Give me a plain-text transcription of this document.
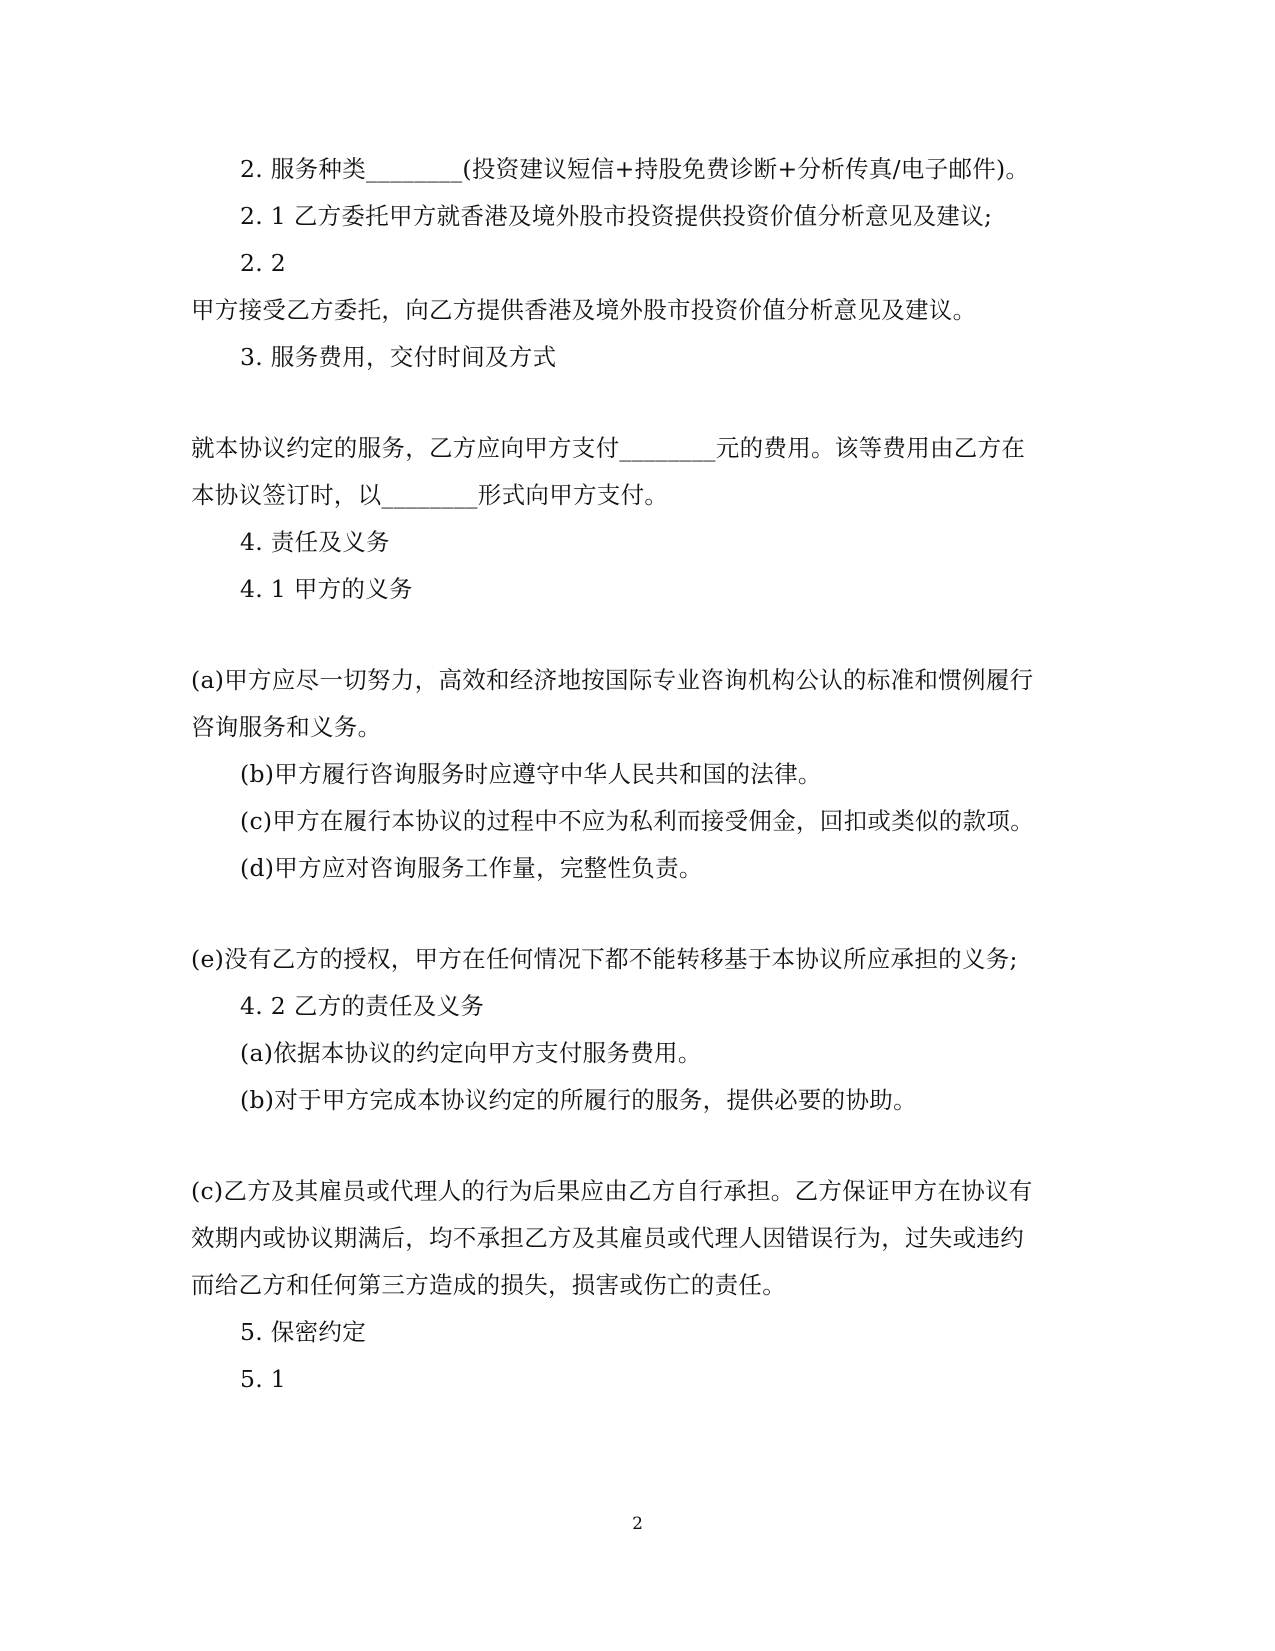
2. 服务种类________(投资建议短信+持股免费诊断+分析传真/电子邮件)。
2. 1 乙方委托甲方就香港及境外股市投资提供投资价值分析意见及建议;
2. 2
甲方接受乙方委托，向乙方提供香港及境外股市投资价值分析意见及建议。
3. 服务费用，交付时间及方式
就本协议约定的服务，乙方应向甲方支付________元的费用。该等费用由乙方在
本协议签订时，以________形式向甲方支付。
4. 责任及义务
4. 1 甲方的义务
(a)甲方应尽一切努力，高效和经济地按国际专业咨询机构公认的标准和惯例履行
咨询服务和义务。
(b)甲方履行咨询服务时应遵守中华人民共和国的法律。
(c)甲方在履行本协议的过程中不应为私利而接受佣金，回扣或类似的款项。
(d)甲方应对咨询服务工作量，完整性负责。
(e)没有乙方的授权，甲方在任何情况下都不能转移基于本协议所应承担的义务;
4. 2 乙方的责任及义务
(a)依据本协议的约定向甲方支付服务费用。
(b)对于甲方完成本协议约定的所履行的服务，提供必要的协助。
(c)乙方及其雇员或代理人的行为后果应由乙方自行承担。乙方保证甲方在协议有
效期内或协议期满后，均不承担乙方及其雇员或代理人因错误行为，过失或违约
而给乙方和任何第三方造成的损失，损害或伤亡的责任。
5. 保密约定
5. 1
2
